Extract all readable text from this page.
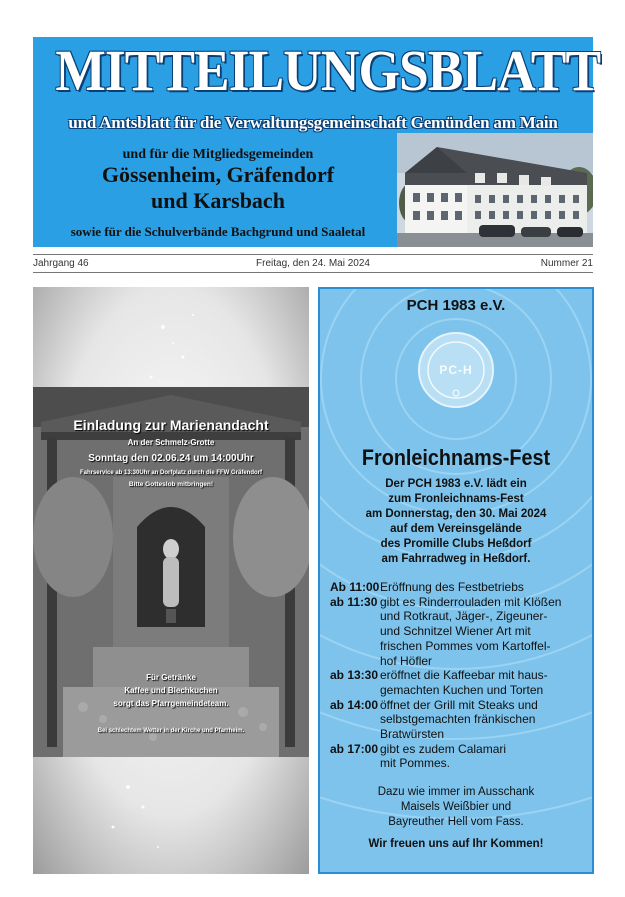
MITTEILUNGSBLATT
und Amtsblatt für die Verwaltungsgemeinschaft Gemünden am Main
und für die Mitgliedsgemeinden
Gössenheim, Gräfendorf
und Karsbach
sowie für die Schulverbände Bachgrund und Saaletal
Freitag, den 24. Mai 2024
Jahrgang 46	Nummer 21
Einladung zur Marienandacht
An der Schmelz-Grotte
Sonntag den 02.06.24 um 14:00Uhr
Fahrservice ab 13:30Uhr an Dorfplatz durch die FFW Gräfendorf
Bitte Gotteslob mitbringen!
Für Getränke
Kaffee und Blechkuchen
sorgt das Pfarrgemeindeteam.
Bei schlechtem Wetter in der Kirche und Pfarrheim.
PCH 1983 e.V.
PC-H
Fronleichnams-Fest
Der PCH 1983 e.V. lädt ein
zum Fronleichnams-Fest
am Donnerstag, den 30. Mai 2024
auf dem Vereinsgelände
des Promille Clubs Heßdorf
am Fahrradweg in Heßdorf.
Ab 11:00 Eröffnung des Festbetriebs
ab 11:30 gibt es Rinderrouladen mit Klößen
und Rotkraut, Jäger-, Zigeuner-
und Schnitzel Wiener Art mit
frischen Pommes vom Kartoffel-
hof Höfler
ab 13:30 eröffnet die Kaffeebar mit haus-
gemachten Kuchen und Torten
ab 14:00 öffnet der Grill mit Steaks und
selbstgemachten fränkischen
Bratwürsten
ab 17:00 gibt es zudem Calamari
mit Pommes.
Dazu wie immer im Ausschank
Maisels Weißbier und
Bayreuther Hell vom Fass.
Wir freuen uns auf Ihr Kommen!
